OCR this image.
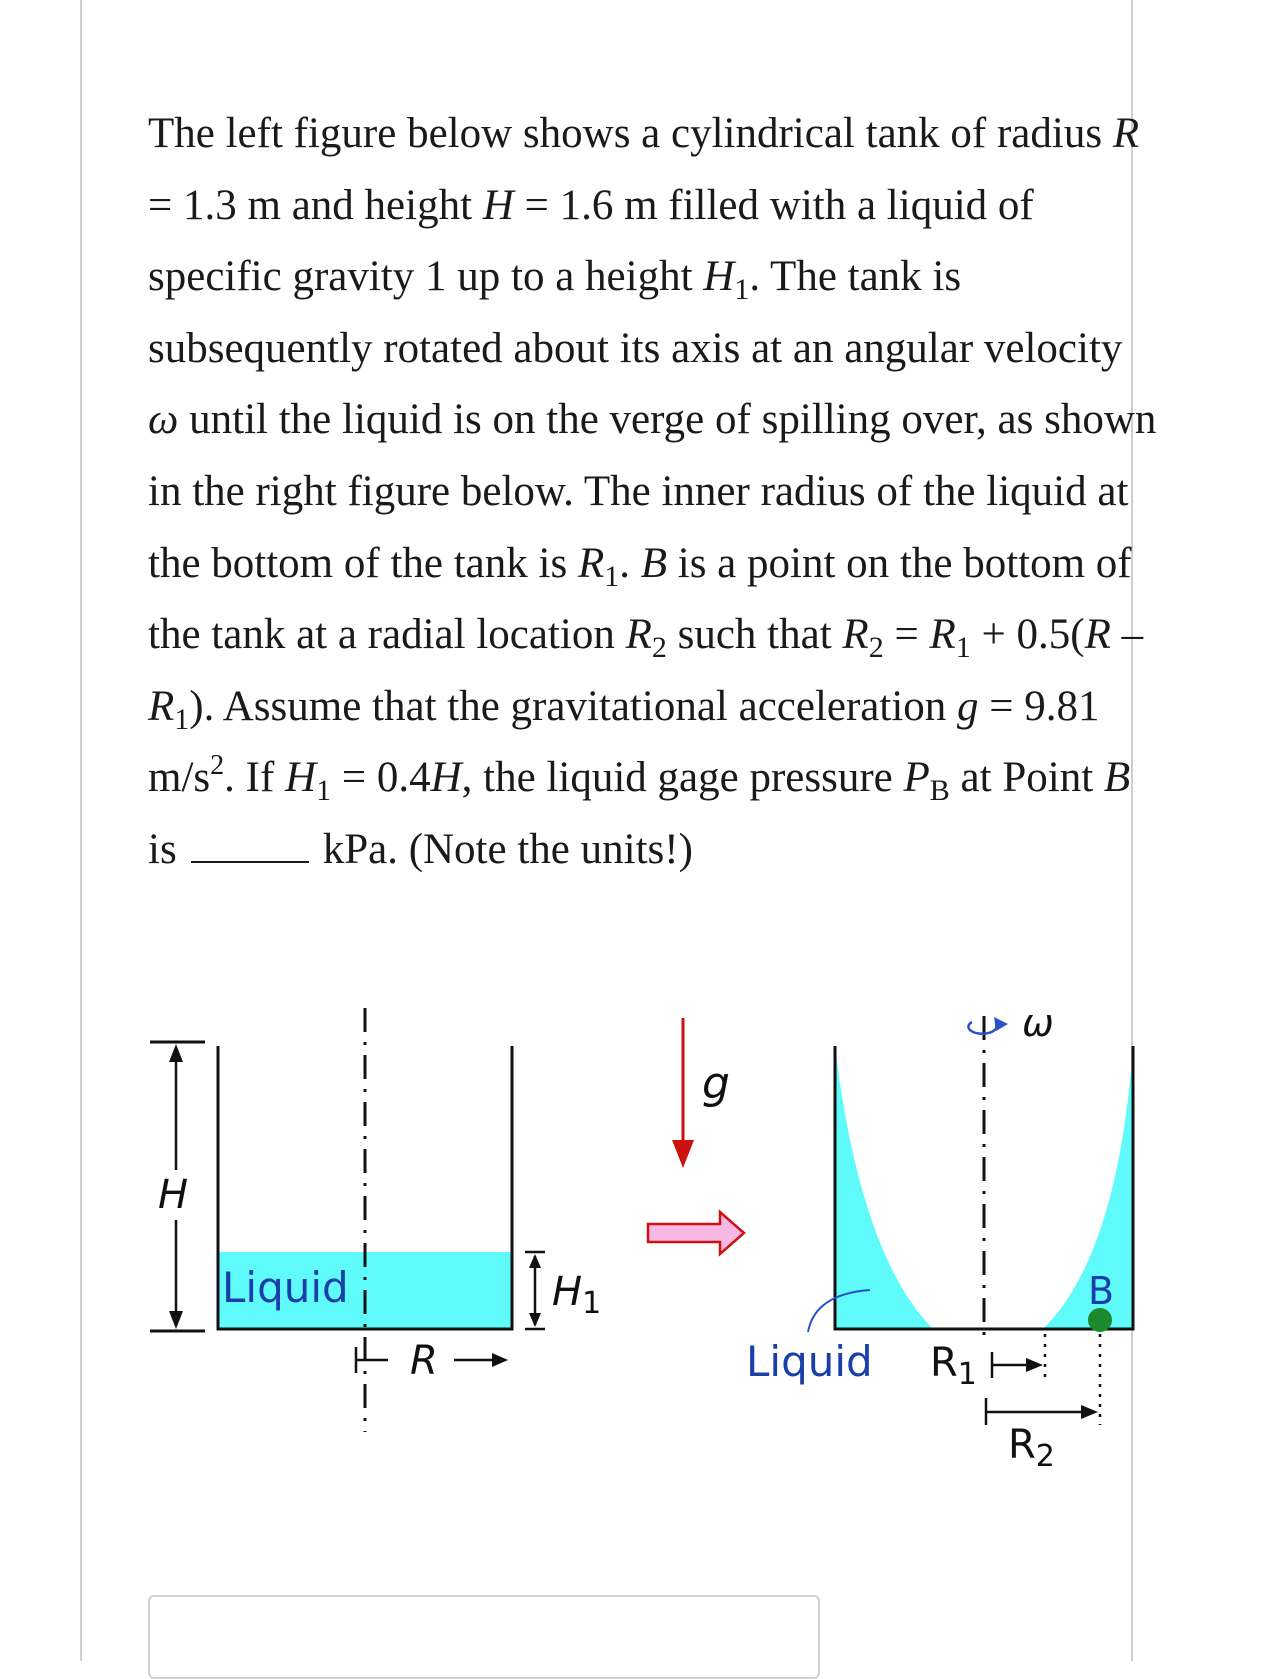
The left figure below shows a cylindrical tank of radius R = 1.3 m and height H = 1.6 m filled with a liquid of specific gravity 1 up to a height $H_1$. The tank is subsequently rotated about its axis at an angular velocity ω until the liquid is on the verge of spilling over, as shown in the right figure below. The inner radius of the liquid at the bottom of the tank is $R_1$. B is a point on the bottom of the tank at a radial location $R_2$ such that $R_2 = R_1 + 0.5(R - R_1)$. Assume that the gravitational acceleration g = 9.81 $m/s^2$. If $H_1 = 0.4H$, the liquid gage pressure $P_B$ at Point B is	kPa. (Note the units!)

H
Liquid	$H_1$
R
g
ω
Liquid
B
$R_1$
$R_2$
